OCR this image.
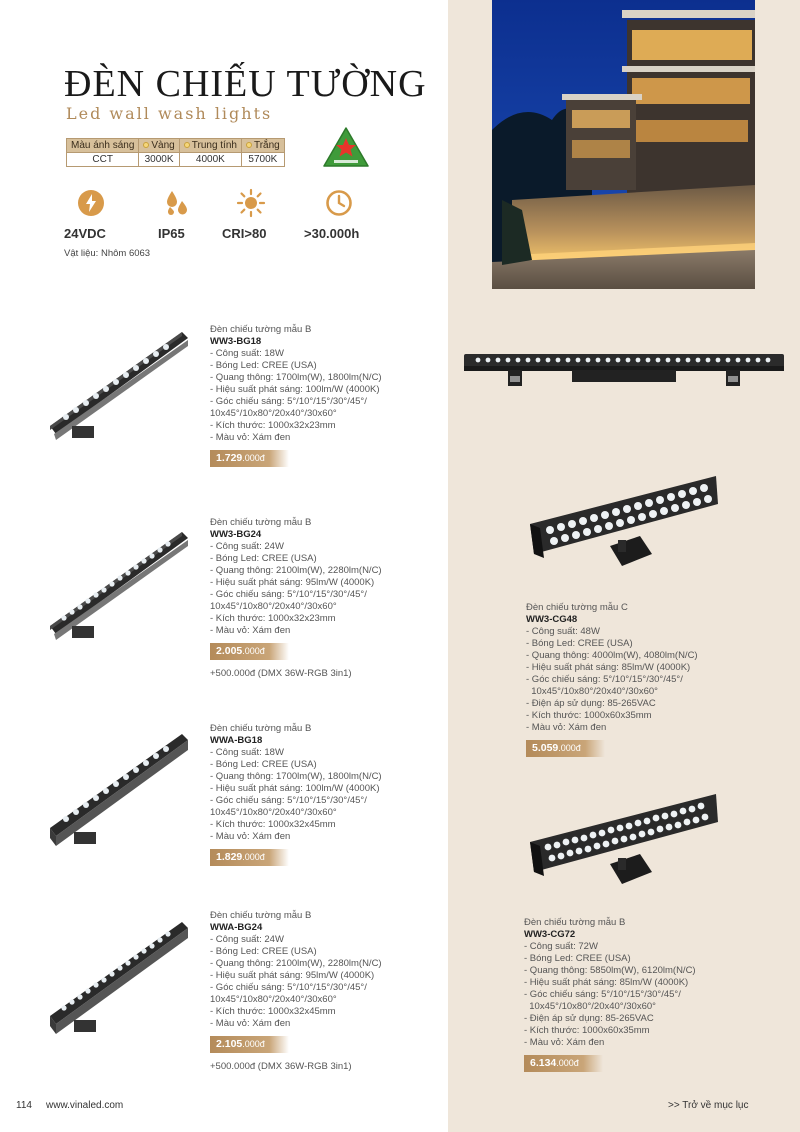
ĐÈN CHIẾU TƯỜNG
Led wall wash lights
Màu ánh sáng	Vàng	Trung tính	Trắng
CCT	3000K	4000K	5700K
24VDC	IP65	CRI>80	>30.000h
Vật liệu: Nhôm 6063
Đèn chiếu tường mẫu B
WW3-BG18
- Công suất: 18W
- Bóng Led: CREE (USA)
- Quang thông: 1700lm(W), 1800lm(N/C)
- Hiệu suất phát sáng: 100lm/W (4000K)
- Góc chiếu sáng: 5°/10°/15°/30°/45°/
10x45°/10x80°/20x40°/30x60°
- Kích thước: 1000x32x23mm
- Màu vỏ: Xám đen
1.729.000đ
Đèn chiếu tường mẫu B
WW3-BG24
- Công suất: 24W
- Bóng Led: CREE (USA)
- Quang thông: 2100lm(W), 2280lm(N/C)
- Hiệu suất phát sáng: 95lm/W (4000K)
- Góc chiếu sáng: 5°/10°/15°/30°/45°/
10x45°/10x80°/20x40°/30x60°
- Kích thước: 1000x32x23mm
- Màu vỏ: Xám đen
2.005.000đ
+500.000đ (DMX 36W-RGB 3in1)
Đèn chiếu tường mẫu B
WWA-BG18
- Công suất: 18W
- Bóng Led: CREE (USA)
- Quang thông: 1700lm(W), 1800lm(N/C)
- Hiệu suất phát sáng: 100lm/W (4000K)
- Góc chiếu sáng: 5°/10°/15°/30°/45°/
10x45°/10x80°/20x40°/30x60°
- Kích thước: 1000x32x45mm
- Màu vỏ: Xám đen
1.829.000đ
Đèn chiếu tường mẫu B
WWA-BG24
- Công suất: 24W
- Bóng Led: CREE (USA)
- Quang thông: 2100lm(W), 2280lm(N/C)
- Hiệu suất phát sáng: 95lm/W (4000K)
- Góc chiếu sáng: 5°/10°/15°/30°/45°/
10x45°/10x80°/20x40°/30x60°
- Kích thước: 1000x32x45mm
- Màu vỏ: Xám đen
2.105.000đ
+500.000đ (DMX 36W-RGB 3in1)
Đèn chiếu tường mẫu C
WW3-CG48
- Công suất: 48W
- Bóng Led: CREE (USA)
- Quang thông: 4000lm(W), 4080lm(N/C)
- Hiệu suất phát sáng: 85lm/W (4000K)
- Góc chiếu sáng: 5°/10°/15°/30°/45°/
10x45°/10x80°/20x40°/30x60°
- Điện áp sử dụng: 85-265VAC
- Kích thước: 1000x60x35mm
- Màu vỏ: Xám đen
5.059.000đ
Đèn chiếu tường mẫu B
WW3-CG72
- Công suất: 72W
- Bóng Led: CREE (USA)
- Quang thông: 5850lm(W), 6120lm(N/C)
- Hiệu suất phát sáng: 85lm/W (4000K)
- Góc chiếu sáng: 5°/10°/15°/30°/45°/
10x45°/10x80°/20x40°/30x60°
- Điện áp sử dụng: 85-265VAC
- Kích thước: 1000x60x35mm
- Màu vỏ: Xám đen
6.134.000đ
114 www.vinaled.com	>> Trở về mục lục
